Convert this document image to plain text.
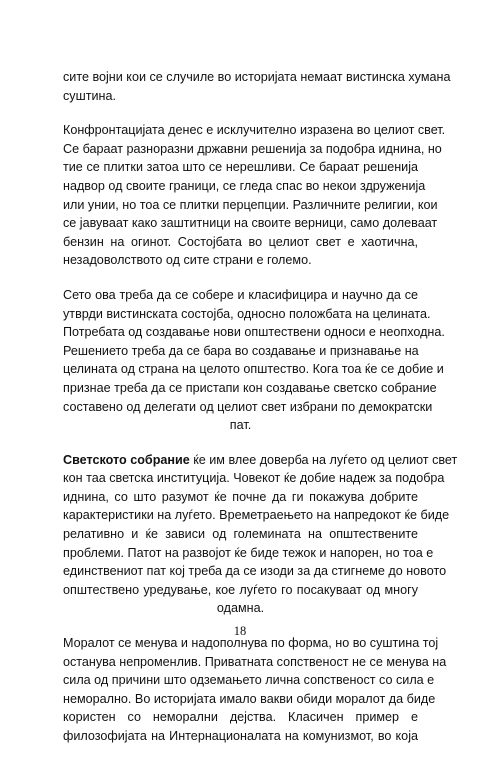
сите војни кои се случиле во историјата немаат вистинска хумана
суштина.
Конфронтацијата денес е исклучително изразена во целиот свет.
Се бараат разноразни државни решенија за подобра иднина, но
тие се плитки затоа што се нерешливи. Се бараат решенија
надвор од своите граници, се гледа спас во некои здруженија
или унии, но тоа се плитки перцепции. Различните религии, кои
се јавуваат како заштитници на своите верници, само долеваат
бензин на огинот. Состојбата во целиот свет е хаотична,
незадоволството од сите страни е големо.
Сето ова треба да се собере и класифицира и научно да се
утврди вистинската состојба, односно положбата на целината.
Потребата од создавање нови општествени односи е неопходна.
Решението треба да се бара во создавање и признавање на
целината од страна на целото општество. Кога тоа ќе се добие и
признае треба да се пристапи кон создавање светско собрание
составено од делегати од целиот свет избрани по демократски
пат.
Светското собрание ќе им влее доверба на луѓето од целиот свет
кон таа светска институција. Човекот ќе добие надеж за подобра
иднина, со што разумот ќе почне да ги покажува добрите
карактеристики на луѓето. Времетраењето на напредокот ќе биде
релативно и ќе зависи од големината на општествените
проблеми. Патот на развојот ќе биде тежок и напорен, но тоа е
единствениот пат кој треба да се изоди за да стигнеме до новото
општествено уредување, кое луѓето го посакуваат од многу
одамна.
Моралот се менува и надополнува по форма, но во суштина тој
останува непроменлив. Приватната сопственост не се менува на
сила од причини што одземањето лична сопственост со сила е
неморално. Во историјата имало вакви обиди моралот да биде
користен со неморални дејства. Класичен пример е
филозофијата на Интернационалата на комунизмот, во која
18
